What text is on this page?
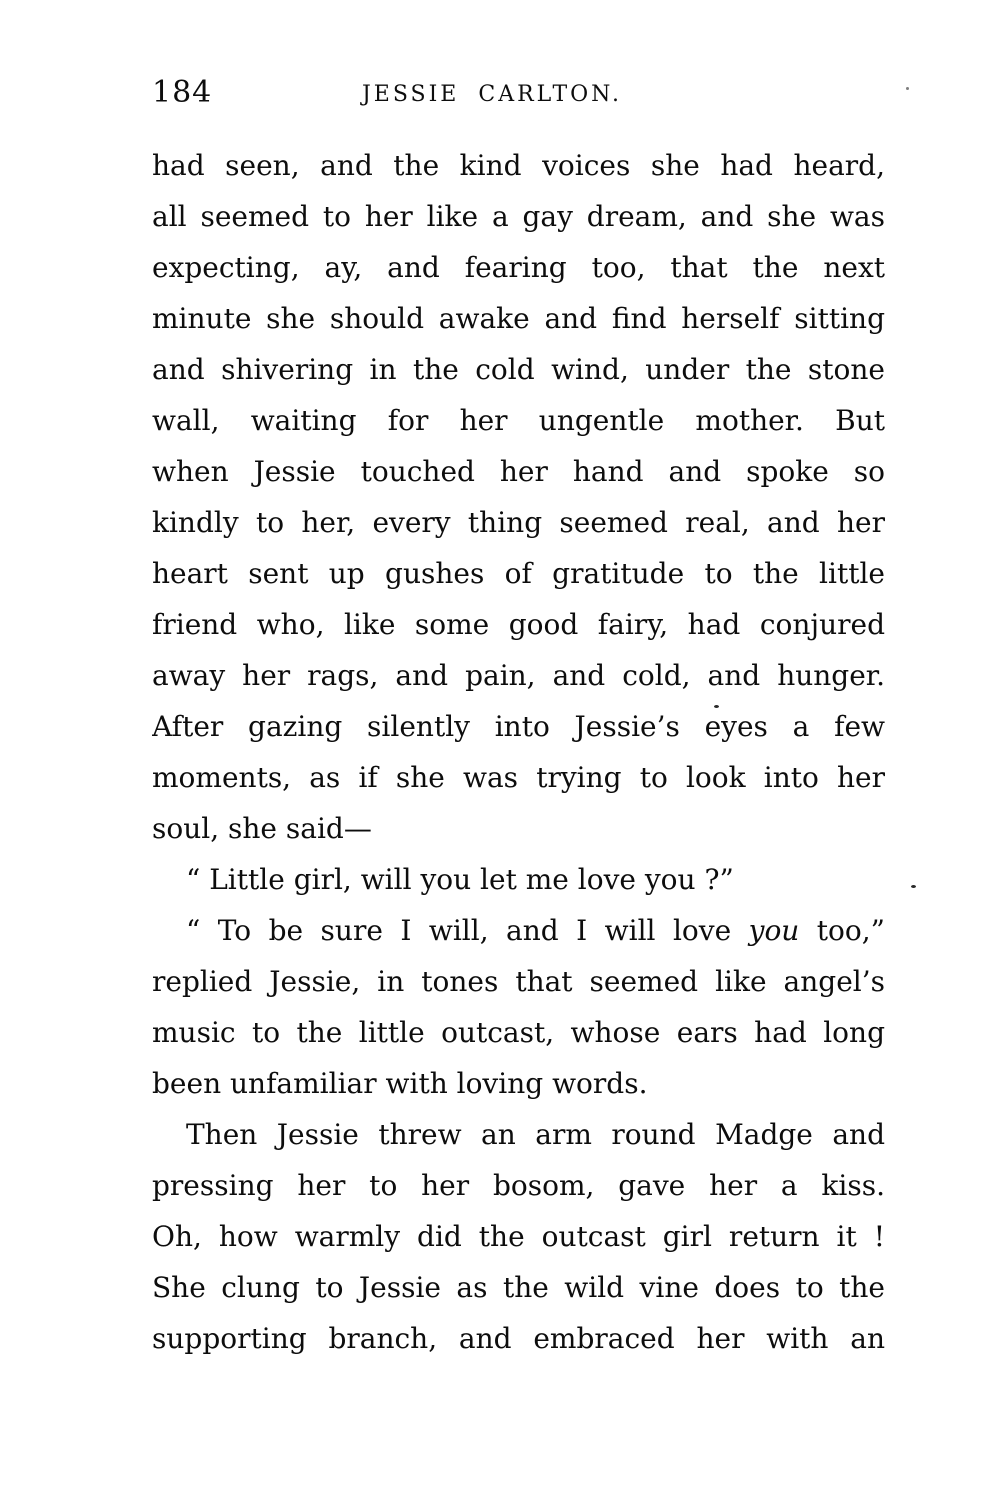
184	JESSIE CARLTON.
had seen, and the kind voices she had heard,
all seemed to her like a gay dream, and she was
expecting, ay, and fearing too, that the next
minute she should awake and find herself sitting
and shivering in the cold wind, under the stone
wall, waiting for her ungentle mother. But
when Jessie touched her hand and spoke so
kindly to her, every thing seemed real, and her
heart sent up gushes of gratitude to the little
friend who, like some good fairy, had conjured
away her rags, and pain, and cold, and hunger.
After gazing silently into Jessie’s eyes a few
moments, as if she was trying to look into her
soul, she said—
“ Little girl, will you let me love you ?”
“ To be sure I will, and I will love you too,”
replied Jessie, in tones that seemed like angel’s
music to the little outcast, whose ears had long
been unfamiliar with loving words.
Then Jessie threw an arm round Madge and
pressing her to her bosom, gave her a kiss.
Oh, how warmly did the outcast girl return it !
She clung to Jessie as the wild vine does to the
supporting branch, and embraced her with an
